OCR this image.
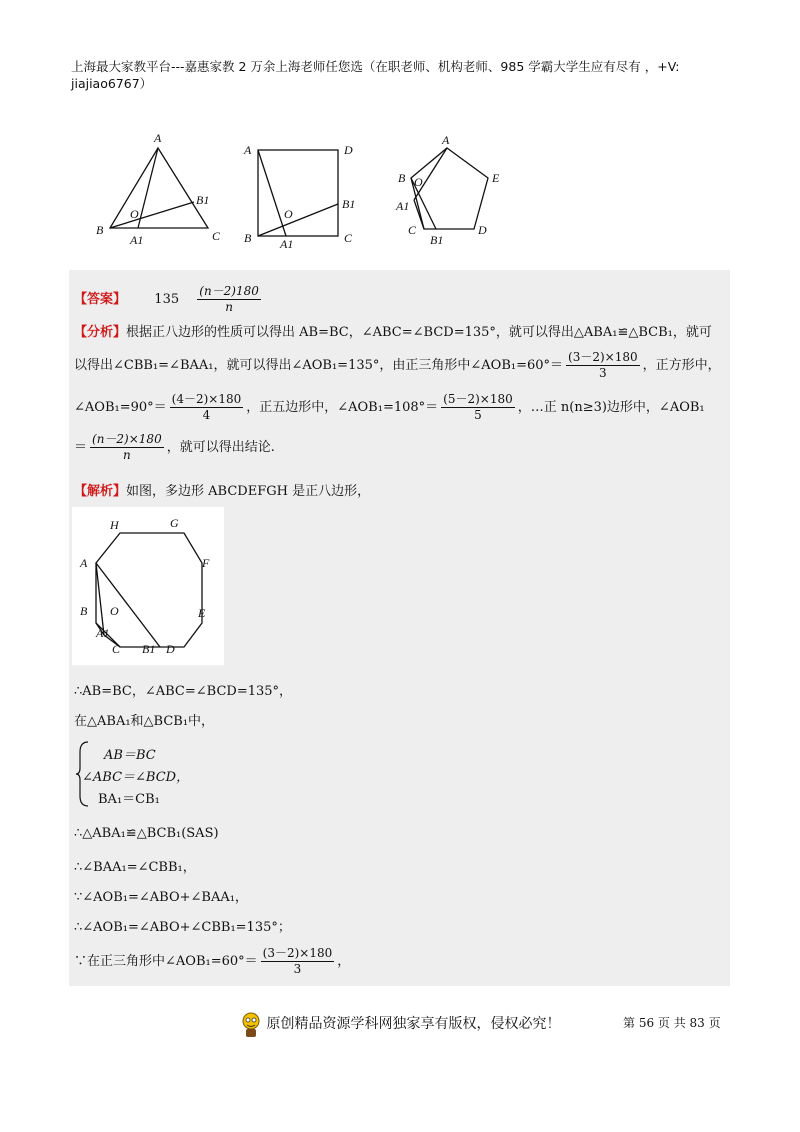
上海最大家教平台---嘉惠家教 2 万余上海老师任您选（在职老师、机构老师、985 学霸大学生应有尽有 ，+V:
jiajiao6767）
A
B	C
O
A1
B1
A	D
B	C
O
A1
B1
A
B	E
O
A1
C
B1
D
【答案】 $135 \frac{(n-2)180}{n}$
【分析】根据正八边形的性质可以得出 AB=BC，∠ABC=∠BCD=135°，就可以得出△ABA₁≌△BCB₁，就可
以得出∠CBB₁=∠BAA₁，就可以得出∠AOB₁=135°，由正三角形中∠AOB₁=60°＝ $\frac{(3-2)\times 180}{3}$ ，正方形中，
∠AOB₁=90°＝ $\frac{(4-2)\times 180}{4}$ ，正五边形中，∠AOB₁=108°＝ $\frac{(5-2)\times 180}{5}$ ，…正 n(n≥3)边形中，∠AOB₁
＝ $\frac{(n-2)\times 180}{n}$ ，就可以得出结论.
【解析】如图，多边形 ABCDEFGH 是正八边形，
H	G
A	F
B O	E
A1
C B1 D
∴AB=BC，∠ABC=∠BCD=135°，
在△ABA₁和△BCB₁中，
AB＝BC
∠ABC＝∠BCD，
BA₁＝CB₁
∴△ABA₁≌△BCB₁(SAS)
∴∠BAA₁=∠CBB₁，
∵∠AOB₁=∠ABO+∠BAA₁，
∴∠AOB₁=∠ABO+∠CBB₁=135°；
∵在正三角形中∠AOB₁=60°＝ $\frac{(3-2)\times 180}{3}$ ，
原创精品资源学科网独家享有版权，侵权必究！	第 56 页 共 83 页
